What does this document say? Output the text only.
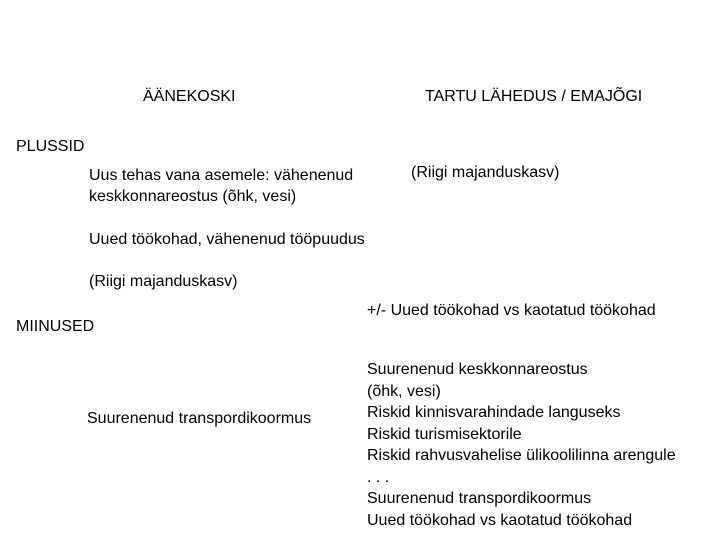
ÄÄNEKOSKI	TARTU LÄHEDUS / EMAJÕGI
PLUSSID
Uus tehas vana asemele: vähenenud
keskkonnareostus (õhk, vesi)
(Riigi majanduskasv)
Uued töökohad, vähenenud tööpuudus
(Riigi majanduskasv)
+/- Uued töökohad vs kaotatud töökohad
MIINUSED
Suurenenud transpordikoormus
Suurenenud keskkonnareostus
(õhk, vesi)
Riskid kinnisvarahindade languseks
Riskid turismisektorile
Riskid rahvusvahelise ülikoolilinna arengule
. . .
Suurenenud transpordikoormus
Uued töökohad vs kaotatud töökohad
